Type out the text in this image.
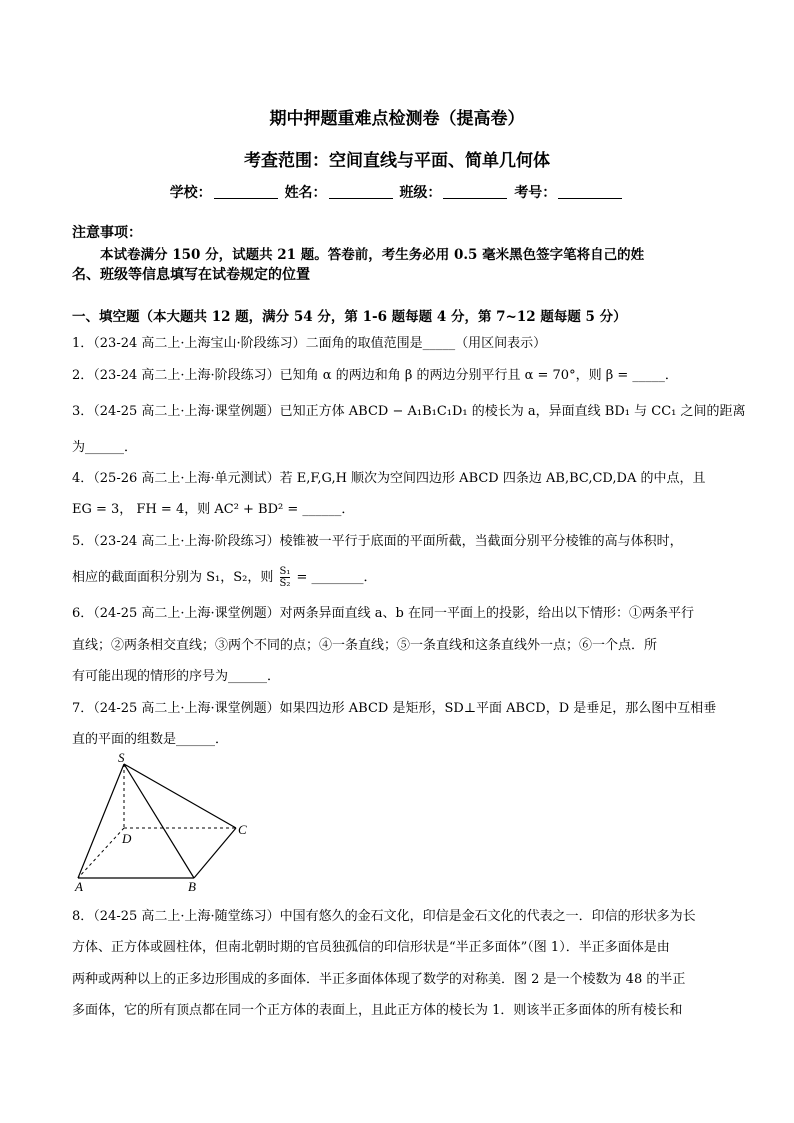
期中押题重难点检测卷（提高卷）
考查范围：空间直线与平面、简单几何体
学校：	姓名：	班级：	考号：
注意事项：
本试卷满分 150 分，试题共 21 题。答卷前，考生务必用 0.5 毫米黑色签字笔将自己的姓
名、班级等信息填写在试卷规定的位置
一、填空题（本大题共 12 题，满分 54 分，第 1-6 题每题 4 分，第 7~12 题每题 5 分）
1．（23-24 高二上·上海宝山·阶段练习）二面角的取值范围是_____（用区间表示）
2．（23-24 高二上·上海·阶段练习）已知角 α 的两边和角 β 的两边分别平行且 α = 70°，则 β = _____．
3．（24-25 高二上·上海·课堂例题）已知正方体 ABCD − A₁B₁C₁D₁ 的棱长为 a，异面直线 BD₁ 与 CC₁ 之间的距离
为______．
4．（25-26 高二上·上海·单元测试）若 E,F,G,H 顺次为空间四边形 ABCD 四条边 AB,BC,CD,DA 的中点，且
EG = 3， FH = 4，则 AC² + BD² = ______．
5．（23-24 高二上·上海·阶段练习）棱锥被一平行于底面的平面所截，当截面分别平分棱锥的高与体积时，
相应的截面面积分别为 S₁，S₂，则 $\frac{\text{S₁}}{\text{S₂}}$ = ________．
6．（24-25 高二上·上海·课堂例题）对两条异面直线 a、b 在同一平面上的投影，给出以下情形：①两条平行
直线；②两条相交直线；③两个不同的点；④一条直线；⑤一条直线和这条直线外一点；⑥一个点．所
有可能出现的情形的序号为______．
7．（24-25 高二上·上海·课堂例题）如果四边形 ABCD 是矩形，SD⊥平面 ABCD，D 是垂足，那么图中互相垂
直的平面的组数是______．
S
D
C
A	B
8．（24-25 高二上·上海·随堂练习）中国有悠久的金石文化，印信是金石文化的代表之一．印信的形状多为长
方体、正方体或圆柱体，但南北朝时期的官员独孤信的印信形状是“半正多面体”（图 1）．半正多面体是由
两种或两种以上的正多边形围成的多面体．半正多面体体现了数学的对称美．图 2 是一个棱数为 48 的半正
多面体，它的所有顶点都在同一个正方体的表面上，且此正方体的棱长为 1．则该半正多面体的所有棱长和
